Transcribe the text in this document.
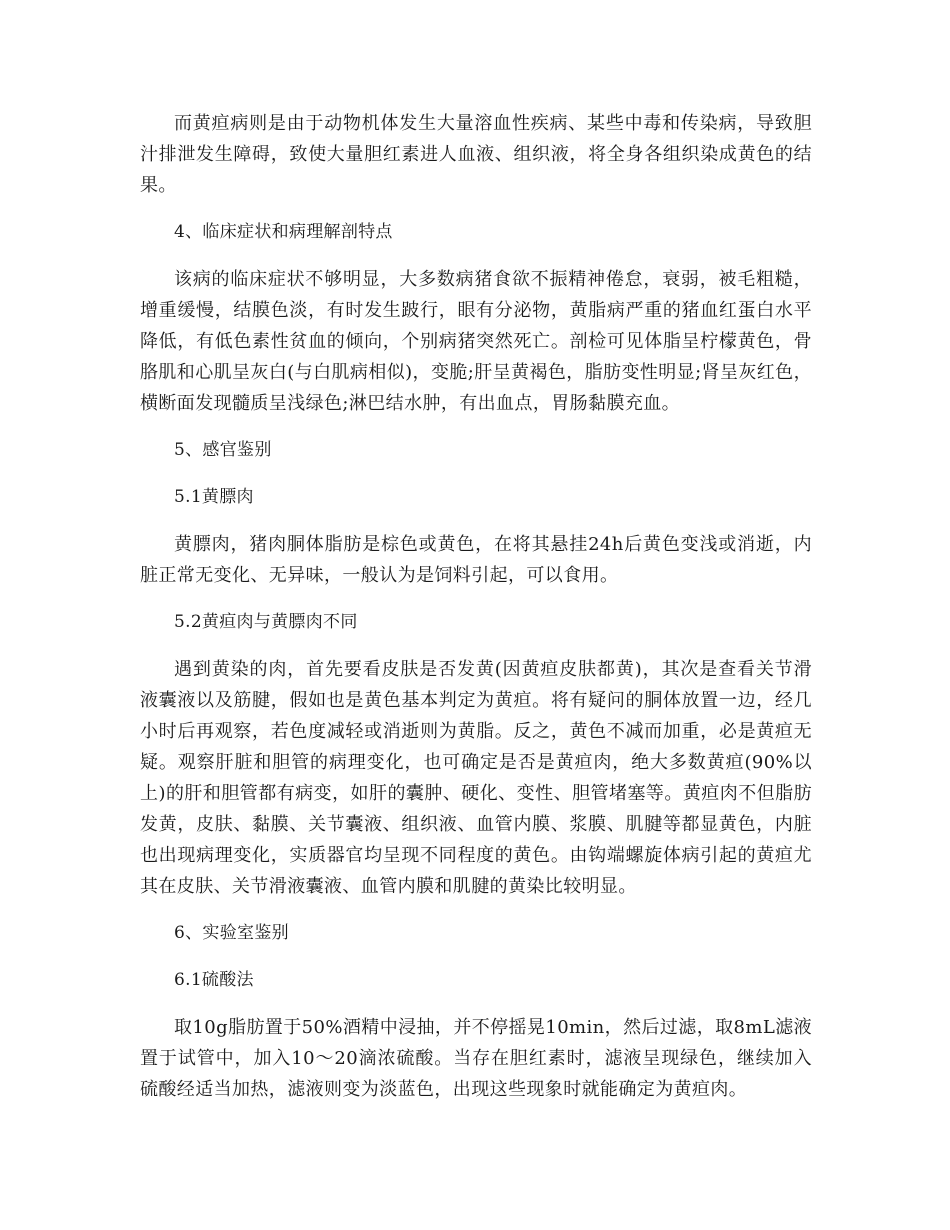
而黄疸病则是由于动物机体发生大量溶血性疾病、某些中毒和传染病，导致胆汁排泄发生障碍，致使大量胆红素进人血液、组织液，将全身各组织染成黄色的结果。

4、临床症状和病理解剖特点

该病的临床症状不够明显，大多数病猪食欲不振精神倦怠，衰弱，被毛粗糙，增重缓慢，结膜色淡，有时发生跛行，眼有分泌物，黄脂病严重的猪血红蛋白水平降低，有低色素性贫血的倾向，个别病猪突然死亡。剖检可见体脂呈柠檬黄色，骨胳肌和心肌呈灰白(与白肌病相似)，变脆;肝呈黄褐色，脂肪变性明显;肾呈灰红色，横断面发现髓质呈浅绿色;淋巴结水肿，有出血点，胃肠黏膜充血。

5、感官鉴别
5.1黄膘肉

黄膘肉，猪肉胴体脂肪是棕色或黄色，在将其悬挂24h后黄色变浅或消逝，内脏正常无变化、无异味，一般认为是饲料引起，可以食用。

5.2黄疸肉与黄膘肉不同

遇到黄染的肉，首先要看皮肤是否发黄(因黄疸皮肤都黄)，其次是查看关节滑液囊液以及筋腱，假如也是黄色基本判定为黄疸。将有疑问的胴体放置一边，经几小时后再观察，若色度减轻或消逝则为黄脂。反之，黄色不减而加重，必是黄疸无疑。观察肝脏和胆管的病理变化，也可确定是否是黄疸肉，绝大多数黄疸(90%以上)的肝和胆管都有病变，如肝的囊肿、硬化、变性、胆管堵塞等。黄疸肉不但脂肪发黄，皮肤、黏膜、关节囊液、组织液、血管内膜、浆膜、肌腱等都显黄色，内脏也出现病理变化，实质器官均呈现不同程度的黄色。由钩端螺旋体病引起的黄疸尤其在皮肤、关节滑液囊液、血管内膜和肌腱的黄染比较明显。

6、实验室鉴别
6.1硫酸法

取10g脂肪置于50%酒精中浸抽，并不停摇晃10min，然后过滤，取8mL滤液置于试管中，加入10～20滴浓硫酸。当存在胆红素时，滤液呈现绿色，继续加入硫酸经适当加热，滤液则变为淡蓝色，出现这些现象时就能确定为黄疸肉。
